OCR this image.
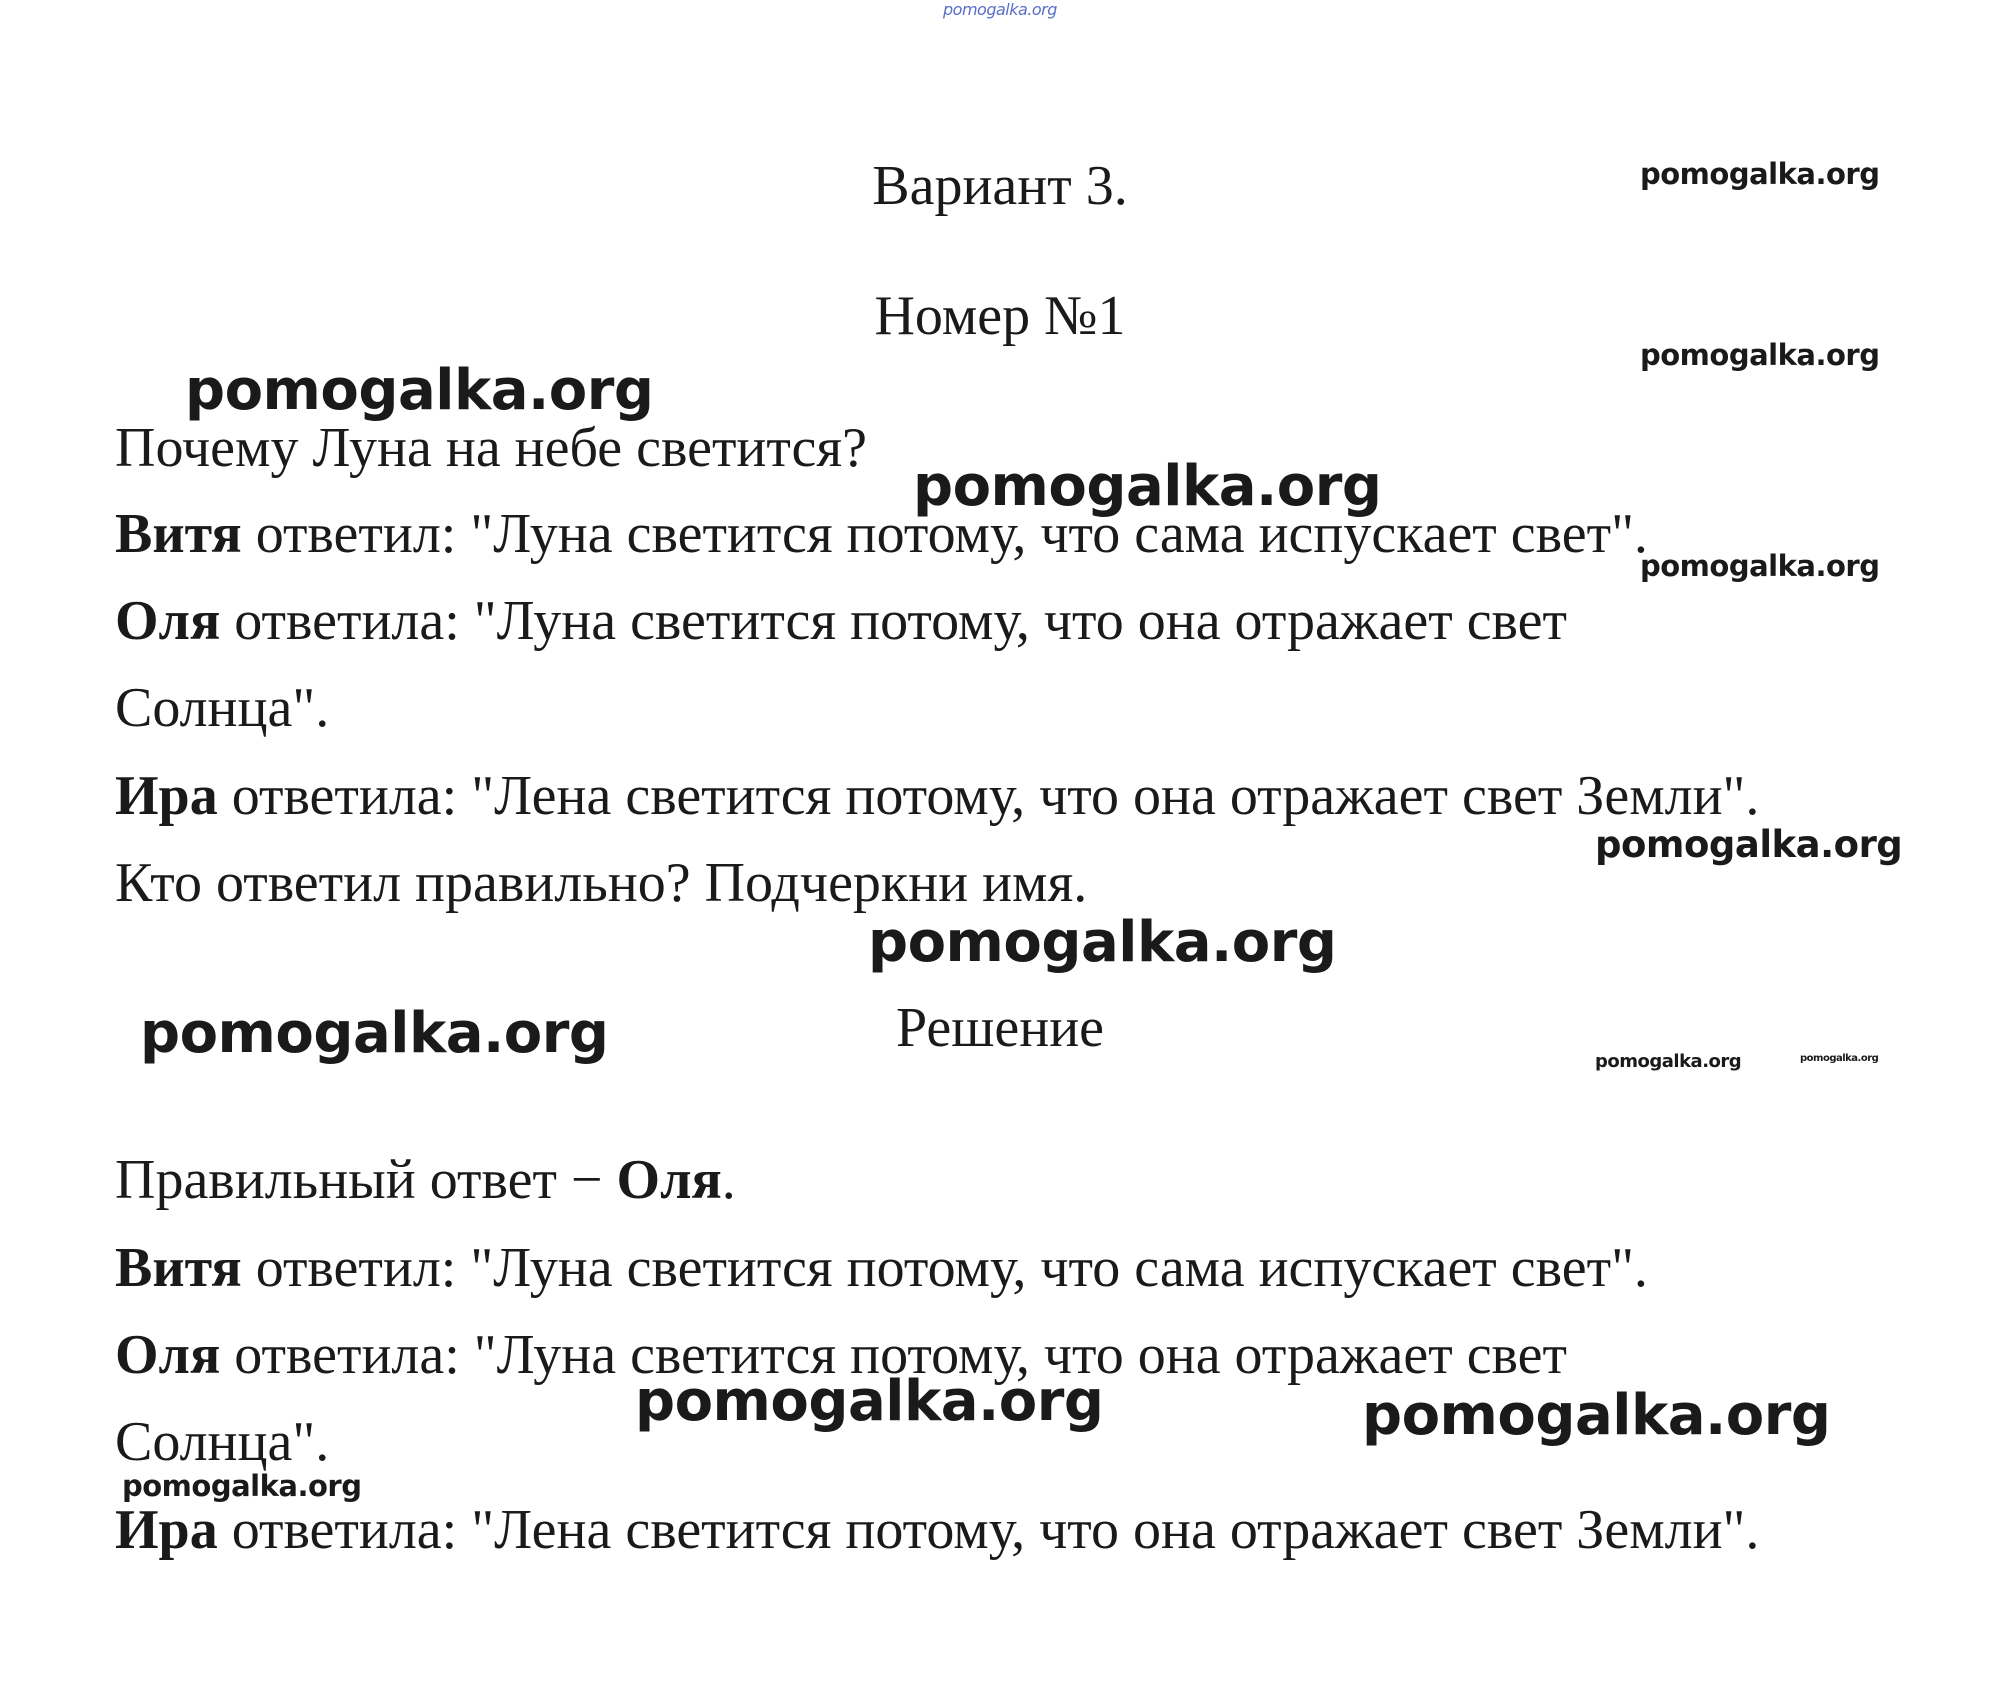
pomogalka.org
pomogalka.org
pomogalka.org
pomogalka.org
pomogalka.org
pomogalka.org
pomogalka.org
pomogalka.org
pomogalka.org	pomogalka.org	pomogalka.org
pomogalka.org	pomogalka.org
pomogalka.org
Вариант 3.
Номер №1
Почему Луна на небе светится?
Витя ответил: "Луна светится потому, что сама испускает свет".
Оля ответила: "Луна светится потому, что она отражает свет
Солнца".
Ира ответила: "Лена светится потому, что она отражает свет Земли".
Кто ответил правильно? Подчеркни имя.
Решение
Правильный ответ − Оля.
Витя ответил: "Луна светится потому, что сама испускает свет".
Оля ответила: "Луна светится потому, что она отражает свет
Солнца".
Ира ответила: "Лена светится потому, что она отражает свет Земли".
